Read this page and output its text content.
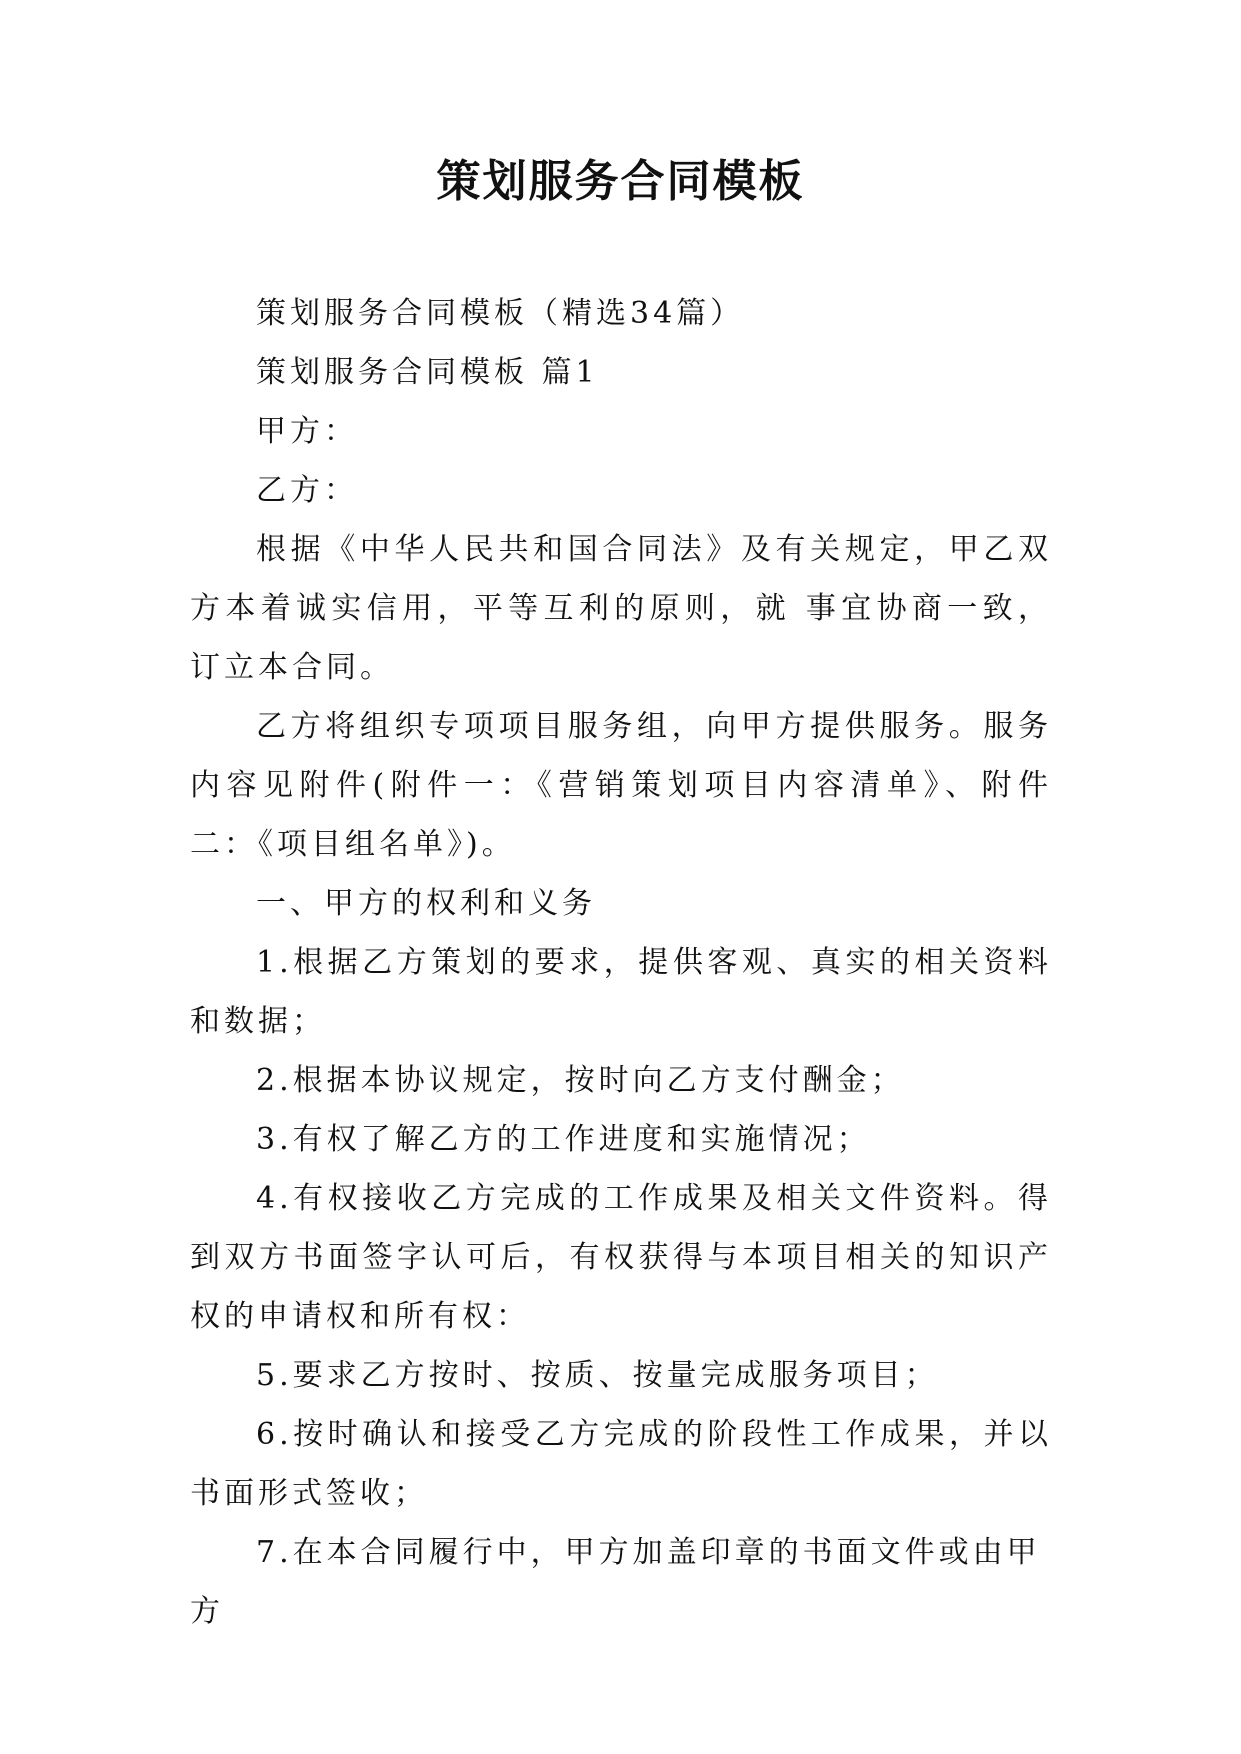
策划服务合同模板

策划服务合同模板（精选34篇）

策划服务合同模板 篇1

甲方：

乙方：

根据《中华人民共和国合同法》及有关规定，甲乙双方本着诚实信用，平等互利的原则，就 事宜协商一致，订立本合同。

乙方将组织专项项目服务组，向甲方提供服务。服务内容见附件(附件一：《营销策划项目内容清单》、附件二：《项目组名单》)。

一、甲方的权利和义务

1.根据乙方策划的要求，提供客观、真实的相关资料和数据；

2.根据本协议规定，按时向乙方支付酬金；

3.有权了解乙方的工作进度和实施情况；

4.有权接收乙方完成的工作成果及相关文件资料。得到双方书面签字认可后，有权获得与本项目相关的知识产权的申请权和所有权：

5.要求乙方按时、按质、按量完成服务项目；

6.按时确认和接受乙方完成的阶段性工作成果，并以书面形式签收；

7.在本合同履行中，甲方加盖印章的书面文件或由甲方
